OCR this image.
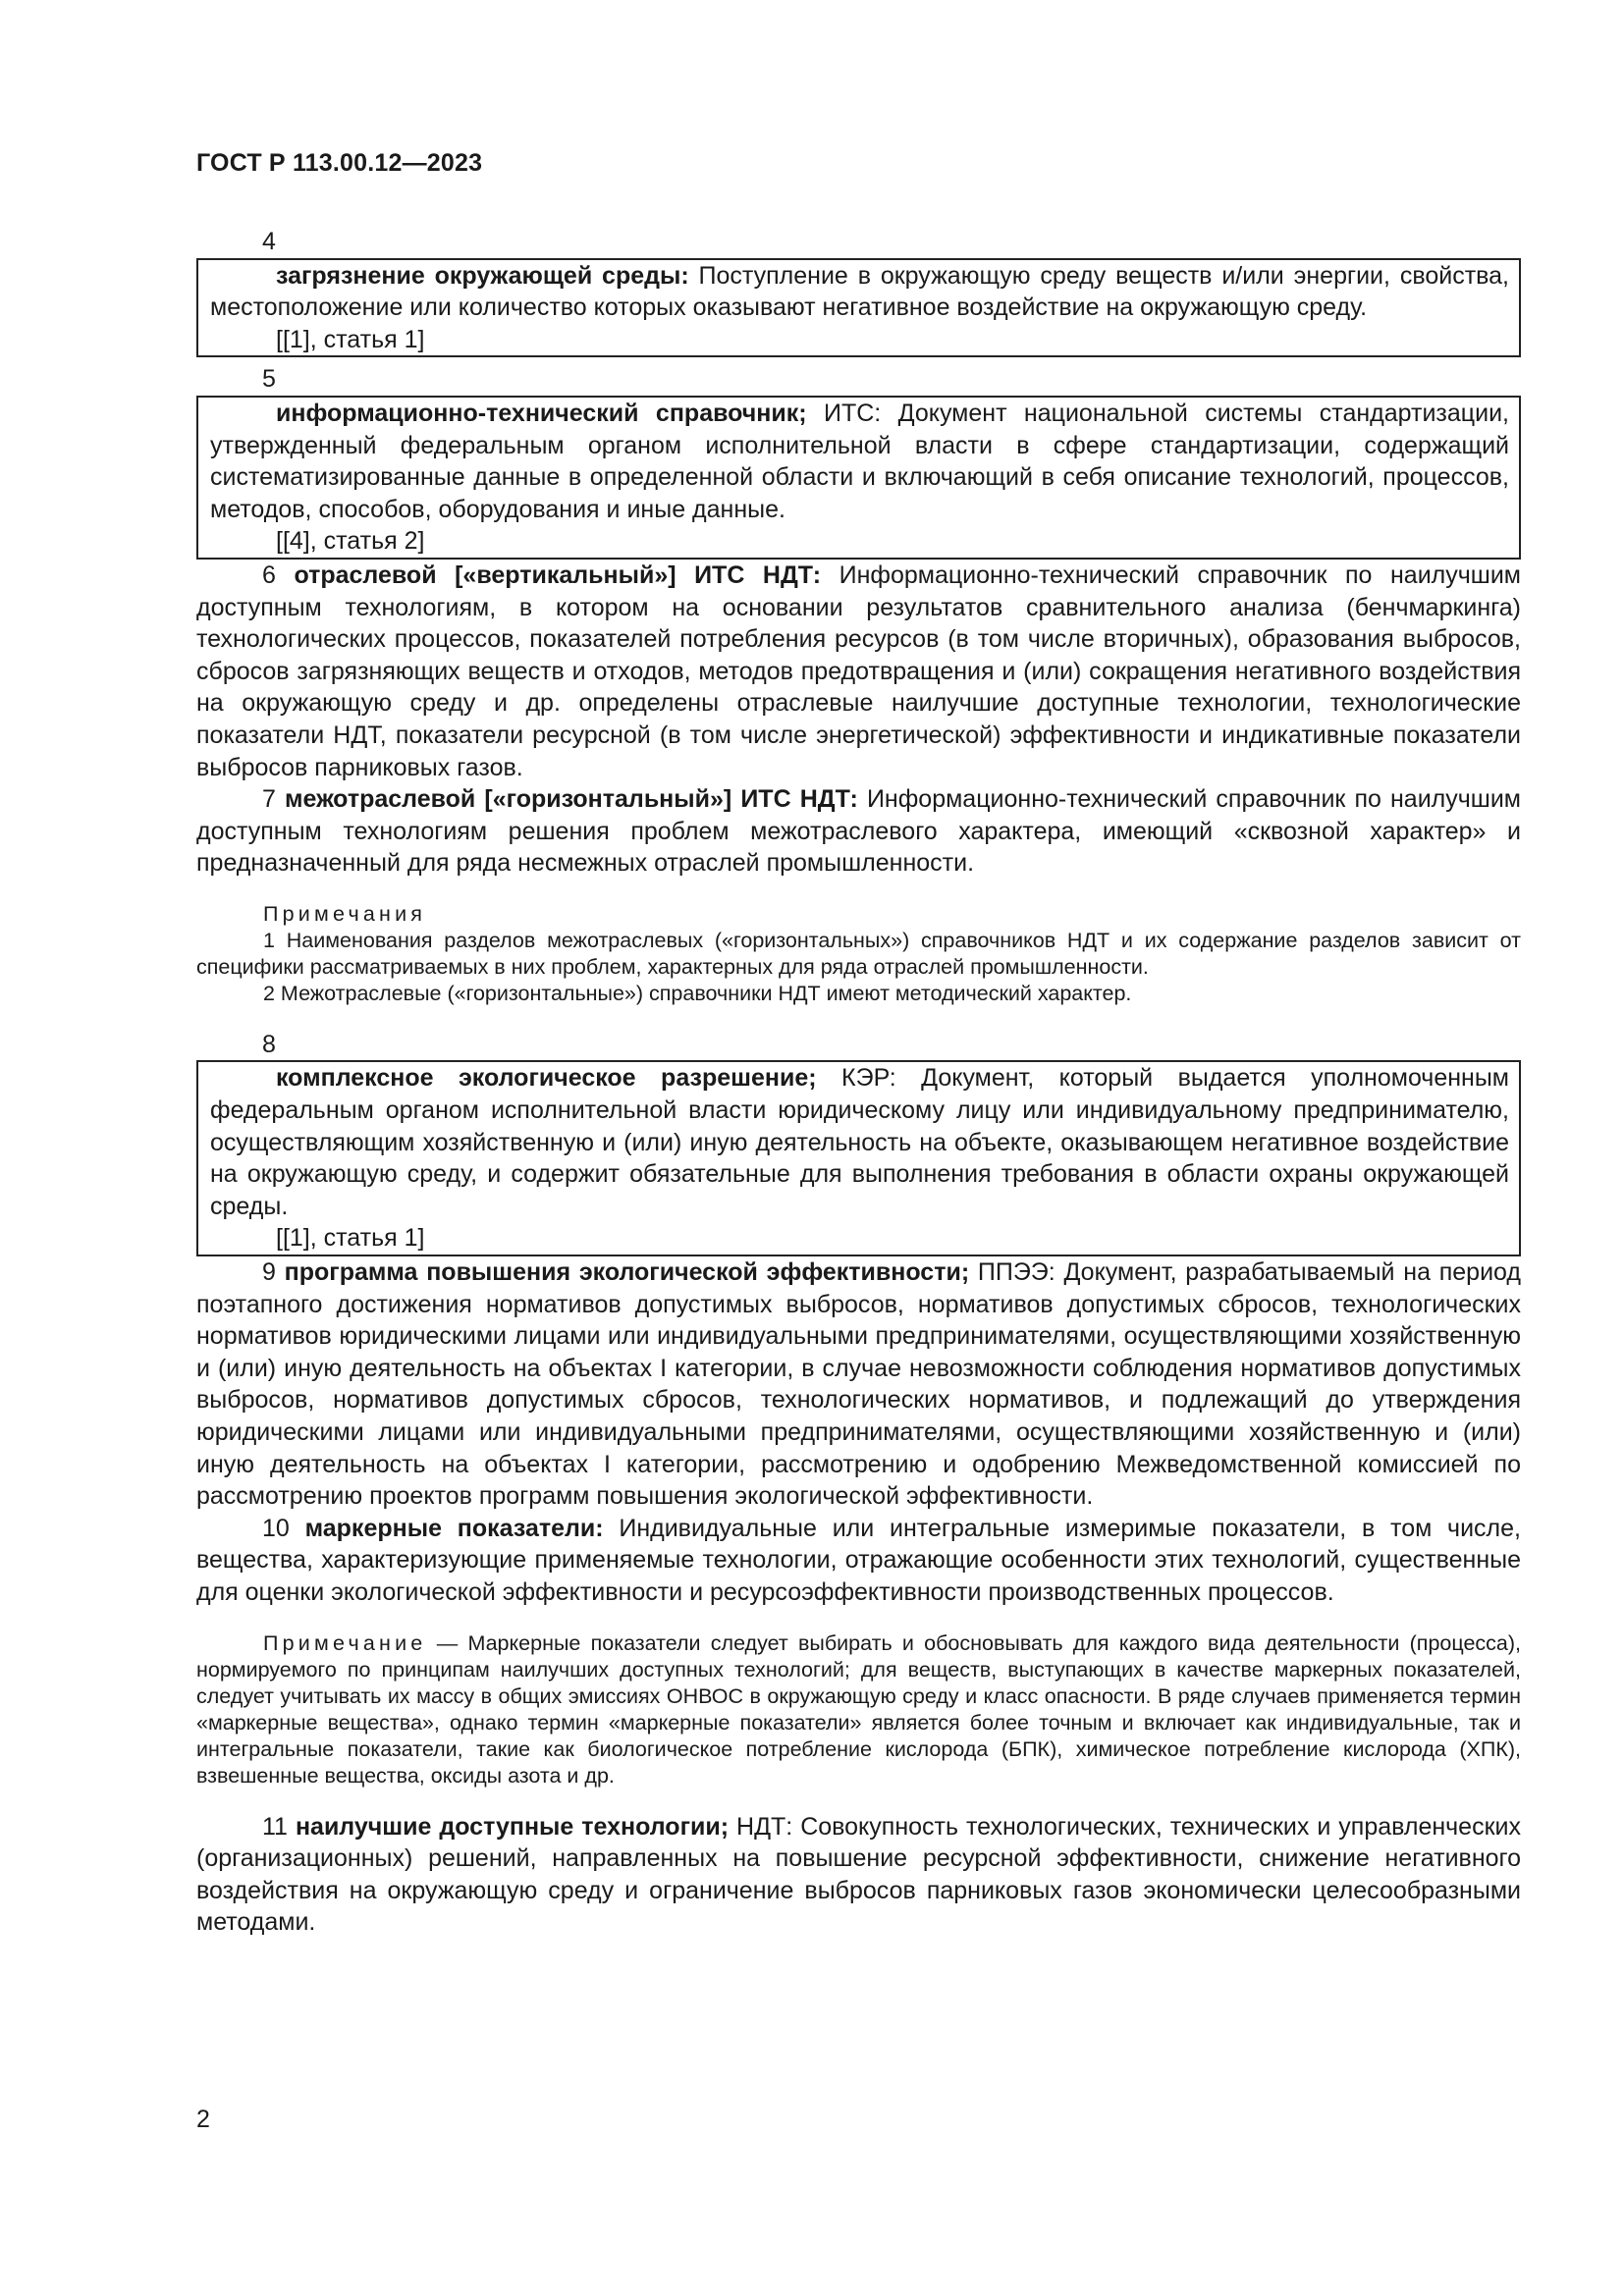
ГОСТ Р 113.00.12—2023
4

загрязнение окружающей среды: Поступление в окружающую среду веществ и/или энергии, свойства, местоположение или количество которых оказывают негативное воздействие на окружающую среду.

[[1], статья 1]

5

информационно-технический справочник; ИТС: Документ национальной системы стандартизации, утвержденный федеральным органом исполнительной власти в сфере стандартизации, содержащий систематизированные данные в определенной области и включающий в себя описание технологий, процессов, методов, способов, оборудования и иные данные.

[[4], статья 2]

6 отраслевой [«вертикальный»] ИТС НДТ: Информационно-технический справочник по наилучшим доступным технологиям, в котором на основании результатов сравнительного анализа (бенчмаркинга) технологических процессов, показателей потребления ресурсов (в том числе вторичных), образования выбросов, сбросов загрязняющих веществ и отходов, методов предотвращения и (или) сокращения негативного воздействия на окружающую среду и др. определены отраслевые наилучшие доступные технологии, технологические показатели НДТ, показатели ресурсной (в том числе энергетической) эффективности и индикативные показатели выбросов парниковых газов.

7 межотраслевой [«горизонтальный»] ИТС НДТ: Информационно-технический справочник по наилучшим доступным технологиям решения проблем межотраслевого характера, имеющий «сквозной характер» и предназначенный для ряда несмежных отраслей промышленности.

Примечания

1 Наименования разделов межотраслевых («горизонтальных») справочников НДТ и их содержание разделов зависит от специфики рассматриваемых в них проблем, характерных для ряда отраслей промышленности.

2 Межотраслевые («горизонтальные») справочники НДТ имеют методический характер.

8

комплексное экологическое разрешение; КЭР: Документ, который выдается уполномоченным федеральным органом исполнительной власти юридическому лицу или индивидуальному предпринимателю, осуществляющим хозяйственную и (или) иную деятельность на объекте, оказывающем негативное воздействие на окружающую среду, и содержит обязательные для выполнения требования в области охраны окружающей среды.

[[1], статья 1]

9 программа повышения экологической эффективности; ППЭЭ: Документ, разрабатываемый на период поэтапного достижения нормативов допустимых выбросов, нормативов допустимых сбросов, технологических нормативов юридическими лицами или индивидуальными предпринимателями, осуществляющими хозяйственную и (или) иную деятельность на объектах I категории, в случае невозможности соблюдения нормативов допустимых выбросов, нормативов допустимых сбросов, технологических нормативов, и подлежащий до утверждения юридическими лицами или индивидуальными предпринимателями, осуществляющими хозяйственную и (или) иную деятельность на объектах I категории, рассмотрению и одобрению Межведомственной комиссией по рассмотрению проектов программ повышения экологической эффективности.

10 маркерные показатели: Индивидуальные или интегральные измеримые показатели, в том числе, вещества, характеризующие применяемые технологии, отражающие особенности этих технологий, существенные для оценки экологической эффективности и ресурсоэффективности производственных процессов.

Примечание — Маркерные показатели следует выбирать и обосновывать для каждого вида деятельности (процесса), нормируемого по принципам наилучших доступных технологий; для веществ, выступающих в качестве маркерных показателей, следует учитывать их массу в общих эмиссиях ОНВОС в окружающую среду и класс опасности. В ряде случаев применяется термин «маркерные вещества», однако термин «маркерные показатели» является более точным и включает как индивидуальные, так и интегральные показатели, такие как биологическое потребление кислорода (БПК), химическое потребление кислорода (ХПК), взвешенные вещества, оксиды азота и др.

11 наилучшие доступные технологии; НДТ: Совокупность технологических, технических и управленческих (организационных) решений, направленных на повышение ресурсной эффективности, снижение негативного воздействия на окружающую среду и ограничение выбросов парниковых газов экономически целесообразными методами.

2
